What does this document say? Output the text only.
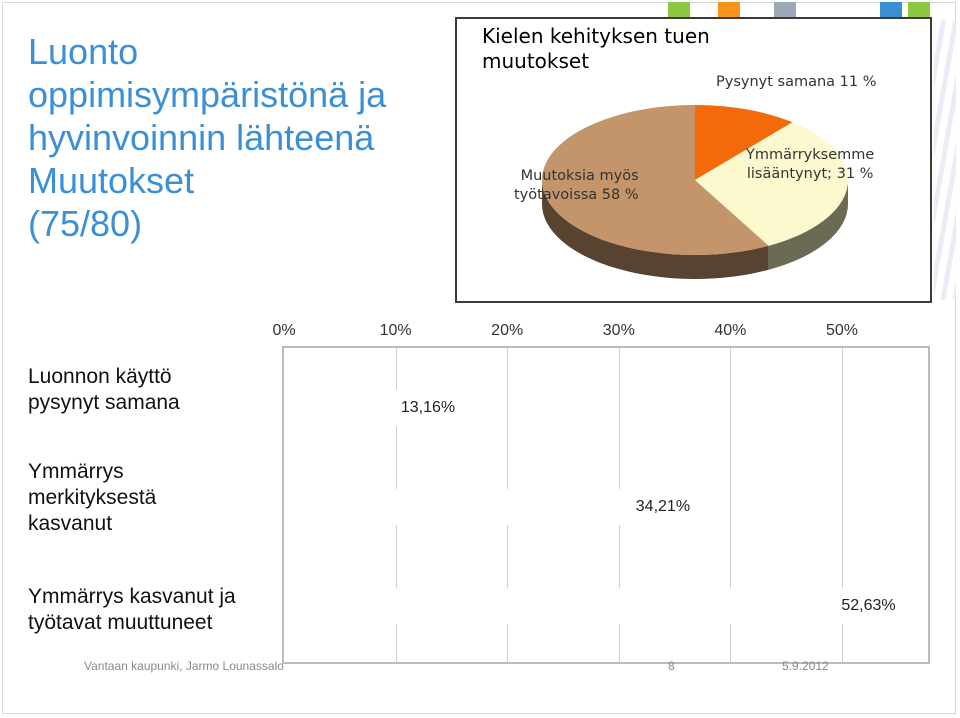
Luonto
oppimisympäristönä ja
hyvinvoinnin lähteenä
Muutokset
(75/80)
Kielen kehityksen tuen muutokset
Muutoksia myös
työtavoissa 58 %
Pysynyt samana 11 %
Ymmärryksemme
lisääntynyt; 31 %
0%	10%	20%	30%	40%	50%
13,16%
34,21%
52,63%
Luonnon käyttö
pysynyt samana
Ymmärrys
merkityksestä
kasvanut
Ymmärrys kasvanut ja
työtavat muuttuneet
Vantaan kaupunki, Jarmo Lounassalo	8	5.9.2012
